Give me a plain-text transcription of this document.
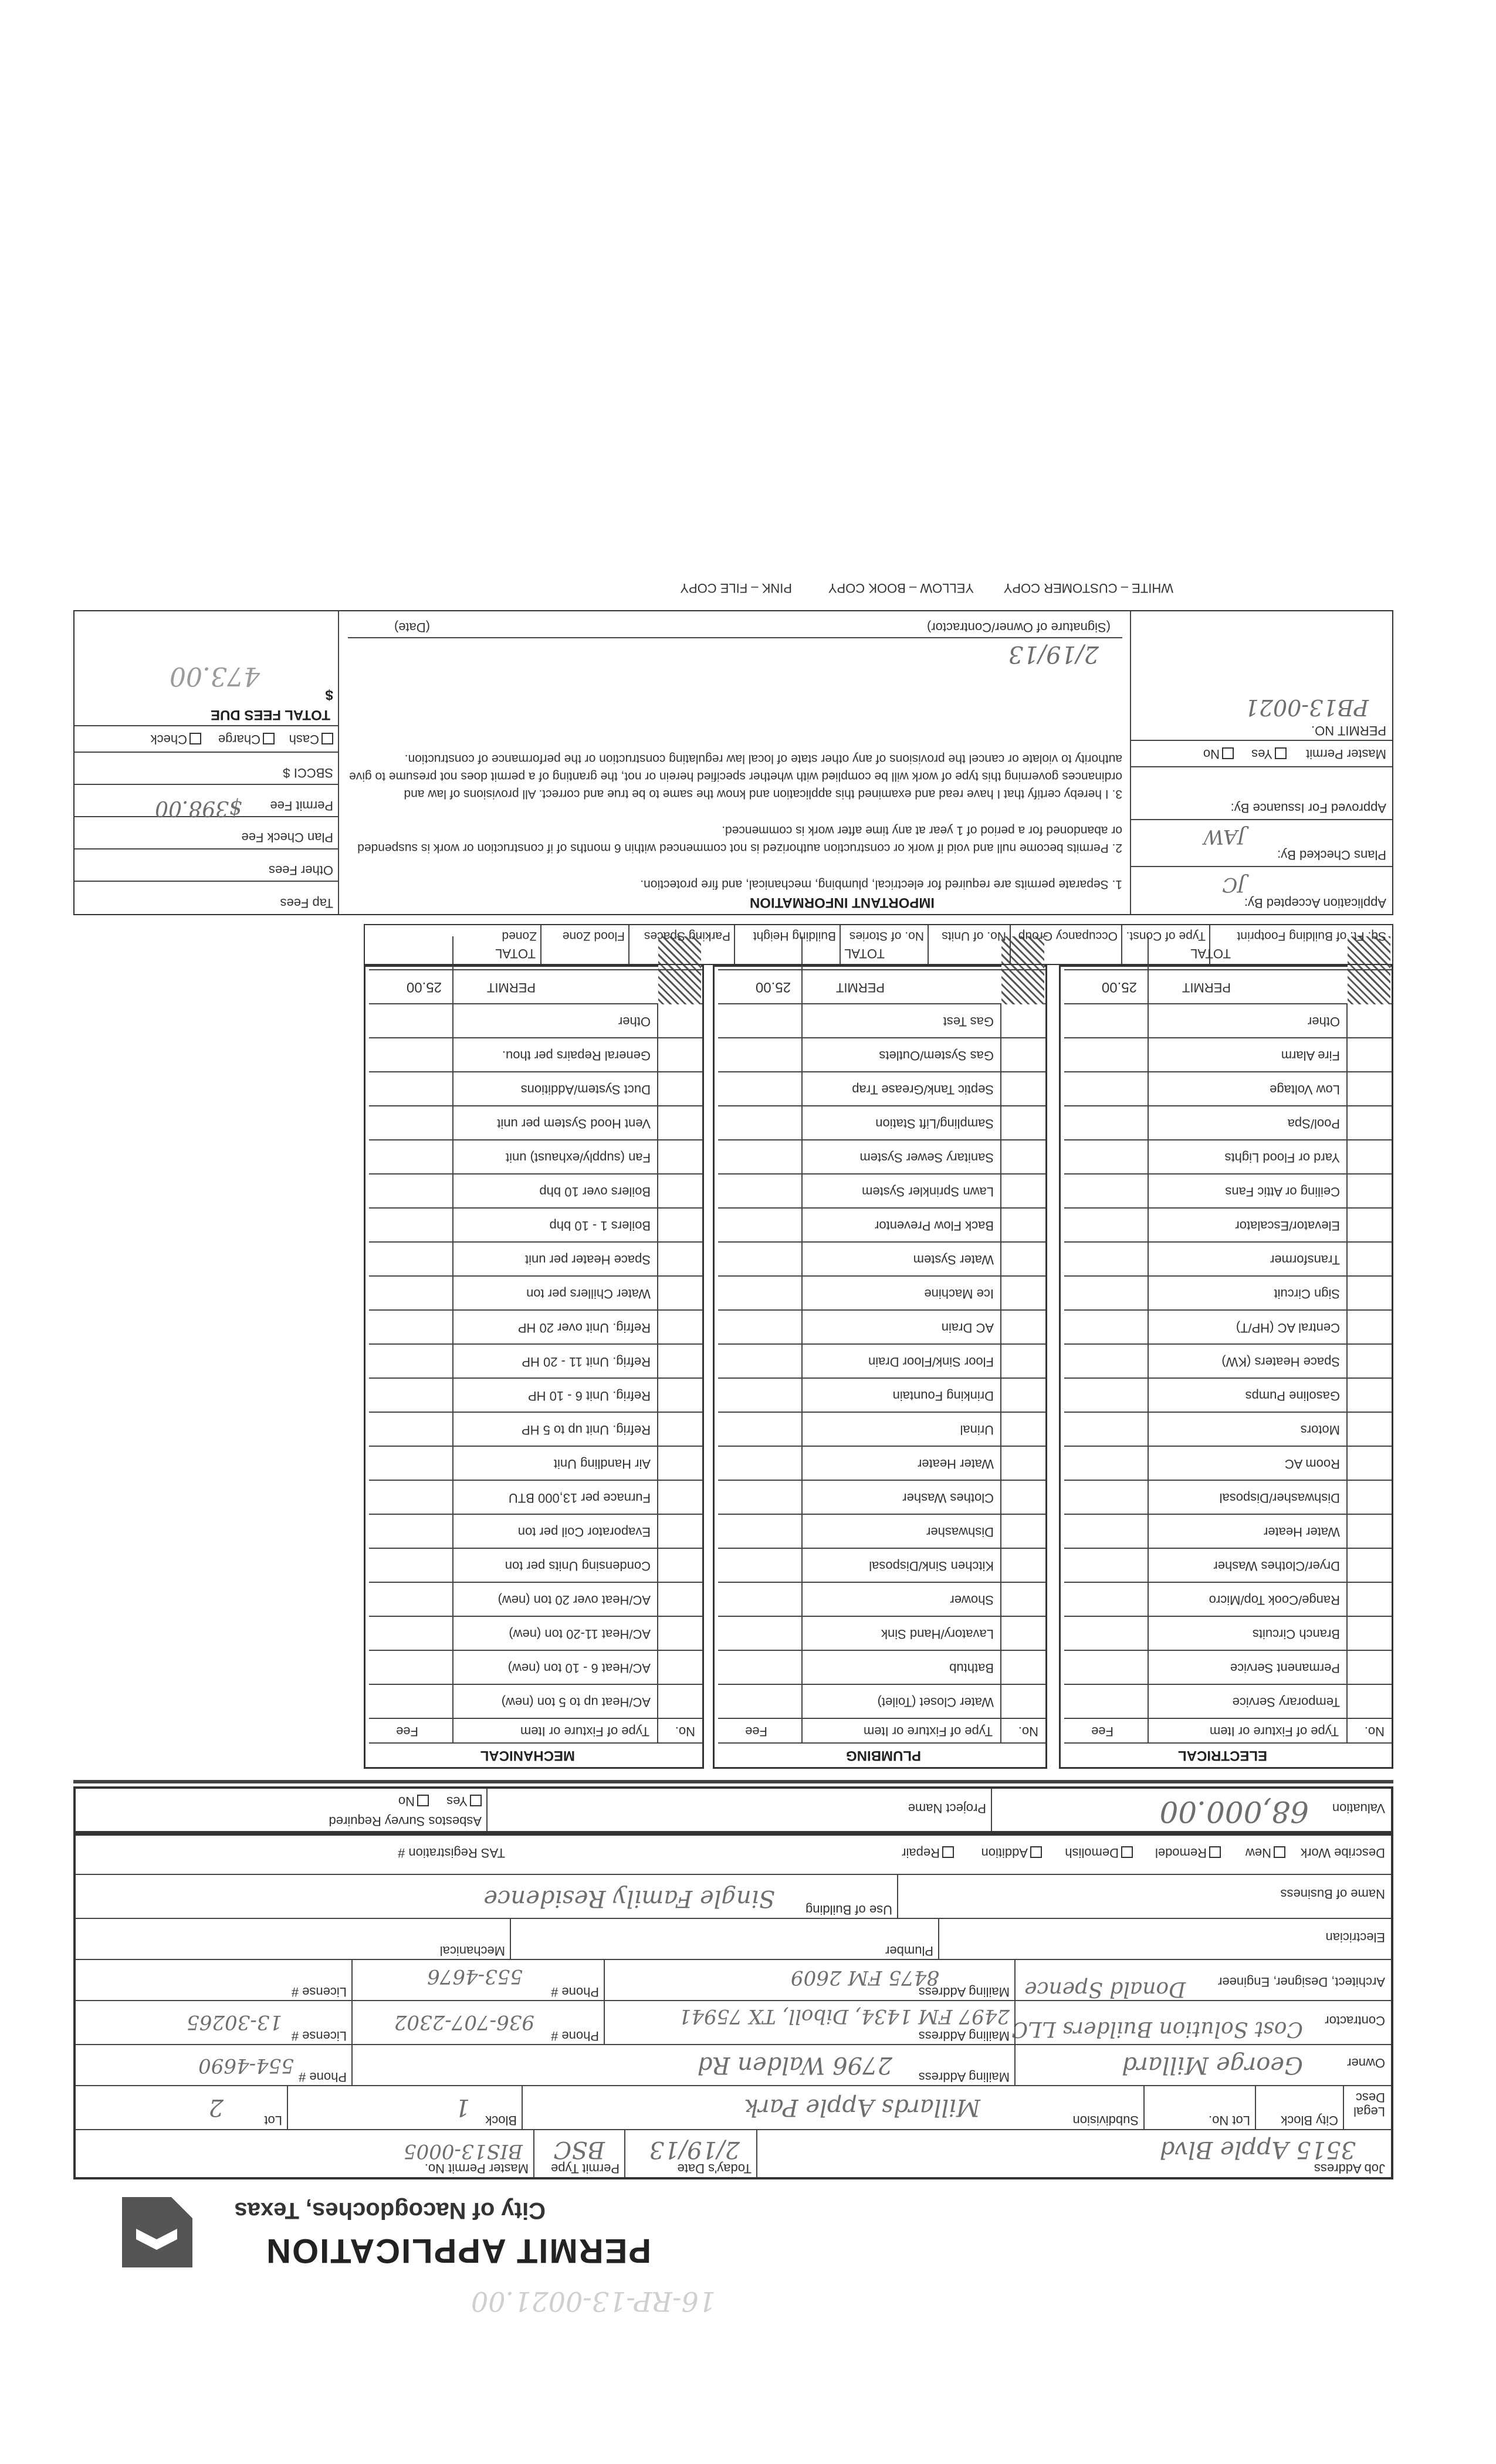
PERMIT APPLICATION
City of Nacogdoches, Texas
16-RP-13-0021.00
Job Address
3515 Apple Blvd
Today's Date
2/19/13
Permit Type
BSC
Master Permit No.
BIS13-0005
Legal Desc
City Block
Lot No.
Subdivision
Millards Apple Park
Block
1
Lot
2
Owner
George Millard
Mailing Address
2796 Walden Rd
Phone #
554-4690
Contractor
Cost Solution Builders LLC
Mailing Address
2497 FM 1434, Diboll, TX 75941
Phone #
936-707-2302
License #
13-30265
Architect, Designer, Engineer
Donald Spence
Mailing Address
8475 FM 2609
Phone #
553-4676
License #
Electrician
Plumber
Mechanical
Name of Business
Use of Building
Single Family Residence
Describe Work
New
Remodel
Demolish
Addition
Repair
TAS Registration #
Valuation
68,000.00
Project Name
Asbestos Survey Required
Yes
No
ELECTRICAL
No.
Type of Fixture or Item
Fee
Temporary Service
Permanent Service
Branch Circuits
Range/Cook Top/Micro
Dryer/Clothes Washer
Water Heater
Dishwasher/Disposal
Room AC
Motors
Gasoline Pumps
Space Heaters (KW)
Central AC (HP/T)
Sign Circuit
Transformer
Elevator/Escalator
Ceiling or Attic Fans
Yard or Flood Lights
Pool/Spa
Low Voltage
Fire Alarm
Other
PERMIT
25.00
TOTAL
PLUMBING
No.
Type of Fixture or Item
Fee
Water Closet (Toilet)
Bathtub
Lavatory/Hand Sink
Shower
Kitchen Sink/Disposal
Dishwasher
Clothes Washer
Water Heater
Urinal
Drinking Fountain
Floor Sink/Floor Drain
AC Drain
Ice Machine
Water System
Back Flow Preventor
Lawn Sprinkler System
Sanitary Sewer System
Sampling/Lift Station
Septic Tank/Grease Trap
Gas System/Outlets
Gas Test
PERMIT
25.00
TOTAL
MECHANICAL
No.
Type of Fixture or Item
Fee
AC/Heat up to 5 ton (new)
AC/Heat 6 - 10 ton (new)
AC/Heat 11-20 ton (new)
AC/Heat over 20 ton (new)
Condensing Units per ton
Evaporator Coil per ton
Furnace per 13,000 BTU
Air Handling Unit
Refrig. Unit up to 5 HP
Refrig. Unit 6 - 10 HP
Refrig. Unit 11 - 20 HP
Refrig. Unit over 20 HP
Water Chillers per ton
Space Heater per unit
Boilers 1 - 10 bhp
Boilers over 10 bhp
Fan (supply/exhaust) unit
Vent Hood System per unit
Duct System/Additions
General Repairs per thou.
Other
PERMIT
25.00
TOTAL
Sq. Ft. of Building Footprint
Type of Const.
Occupancy Group
No. of Units
No. of Stories
Building Height
Parking Spaces
Flood Zone
Zoned
Application Accepted By:
JC
Plans Checked By:
JAW
Approved For Issuance By:
Master Permit
Yes
No
PERMIT NO.
PB13-0021
IMPORTANT INFORMATION
1. Separate permits are required for electrical, plumbing, mechanical, and fire protection.
2. Permits become null and void if work or construction authorized is not commenced within 6 months of if construction or work is suspended or abandoned for a period of 1 year at any time after work is commenced.
3. I hereby certify that I have read and examined this application and know the same to be true and correct. All provisions of law and ordinances governing this type of work will be complied with whether specified herein or not, the granting of a permit does not presume to give authority to violate or cancel the provisions of any other state of local law regulating construction or the performance of construction.
2/19/13
(Signature of Owner/Contractor)
(Date)
Tap Fees
Other Fees
Plan Check Fee
Permit Fee
$398.00
SBCCI $
Cash
Charge
Check
TOTAL FEES DUE
$
473.00
WHITE – CUSTOMER COPY
YELLOW – BOOK COPY
PINK – FILE COPY
